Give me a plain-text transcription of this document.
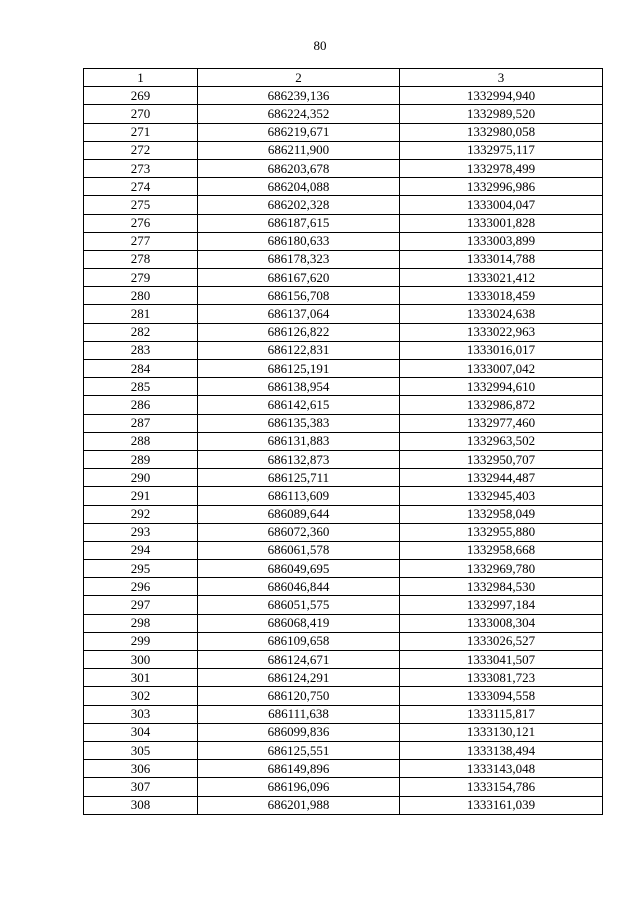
80
1	2	3
269	686239,136	1332994,940
270	686224,352	1332989,520
271	686219,671	1332980,058
272	686211,900	1332975,117
273	686203,678	1332978,499
274	686204,088	1332996,986
275	686202,328	1333004,047
276	686187,615	1333001,828
277	686180,633	1333003,899
278	686178,323	1333014,788
279	686167,620	1333021,412
280	686156,708	1333018,459
281	686137,064	1333024,638
282	686126,822	1333022,963
283	686122,831	1333016,017
284	686125,191	1333007,042
285	686138,954	1332994,610
286	686142,615	1332986,872
287	686135,383	1332977,460
288	686131,883	1332963,502
289	686132,873	1332950,707
290	686125,711	1332944,487
291	686113,609	1332945,403
292	686089,644	1332958,049
293	686072,360	1332955,880
294	686061,578	1332958,668
295	686049,695	1332969,780
296	686046,844	1332984,530
297	686051,575	1332997,184
298	686068,419	1333008,304
299	686109,658	1333026,527
300	686124,671	1333041,507
301	686124,291	1333081,723
302	686120,750	1333094,558
303	686111,638	1333115,817
304	686099,836	1333130,121
305	686125,551	1333138,494
306	686149,896	1333143,048
307	686196,096	1333154,786
308	686201,988	1333161,039
